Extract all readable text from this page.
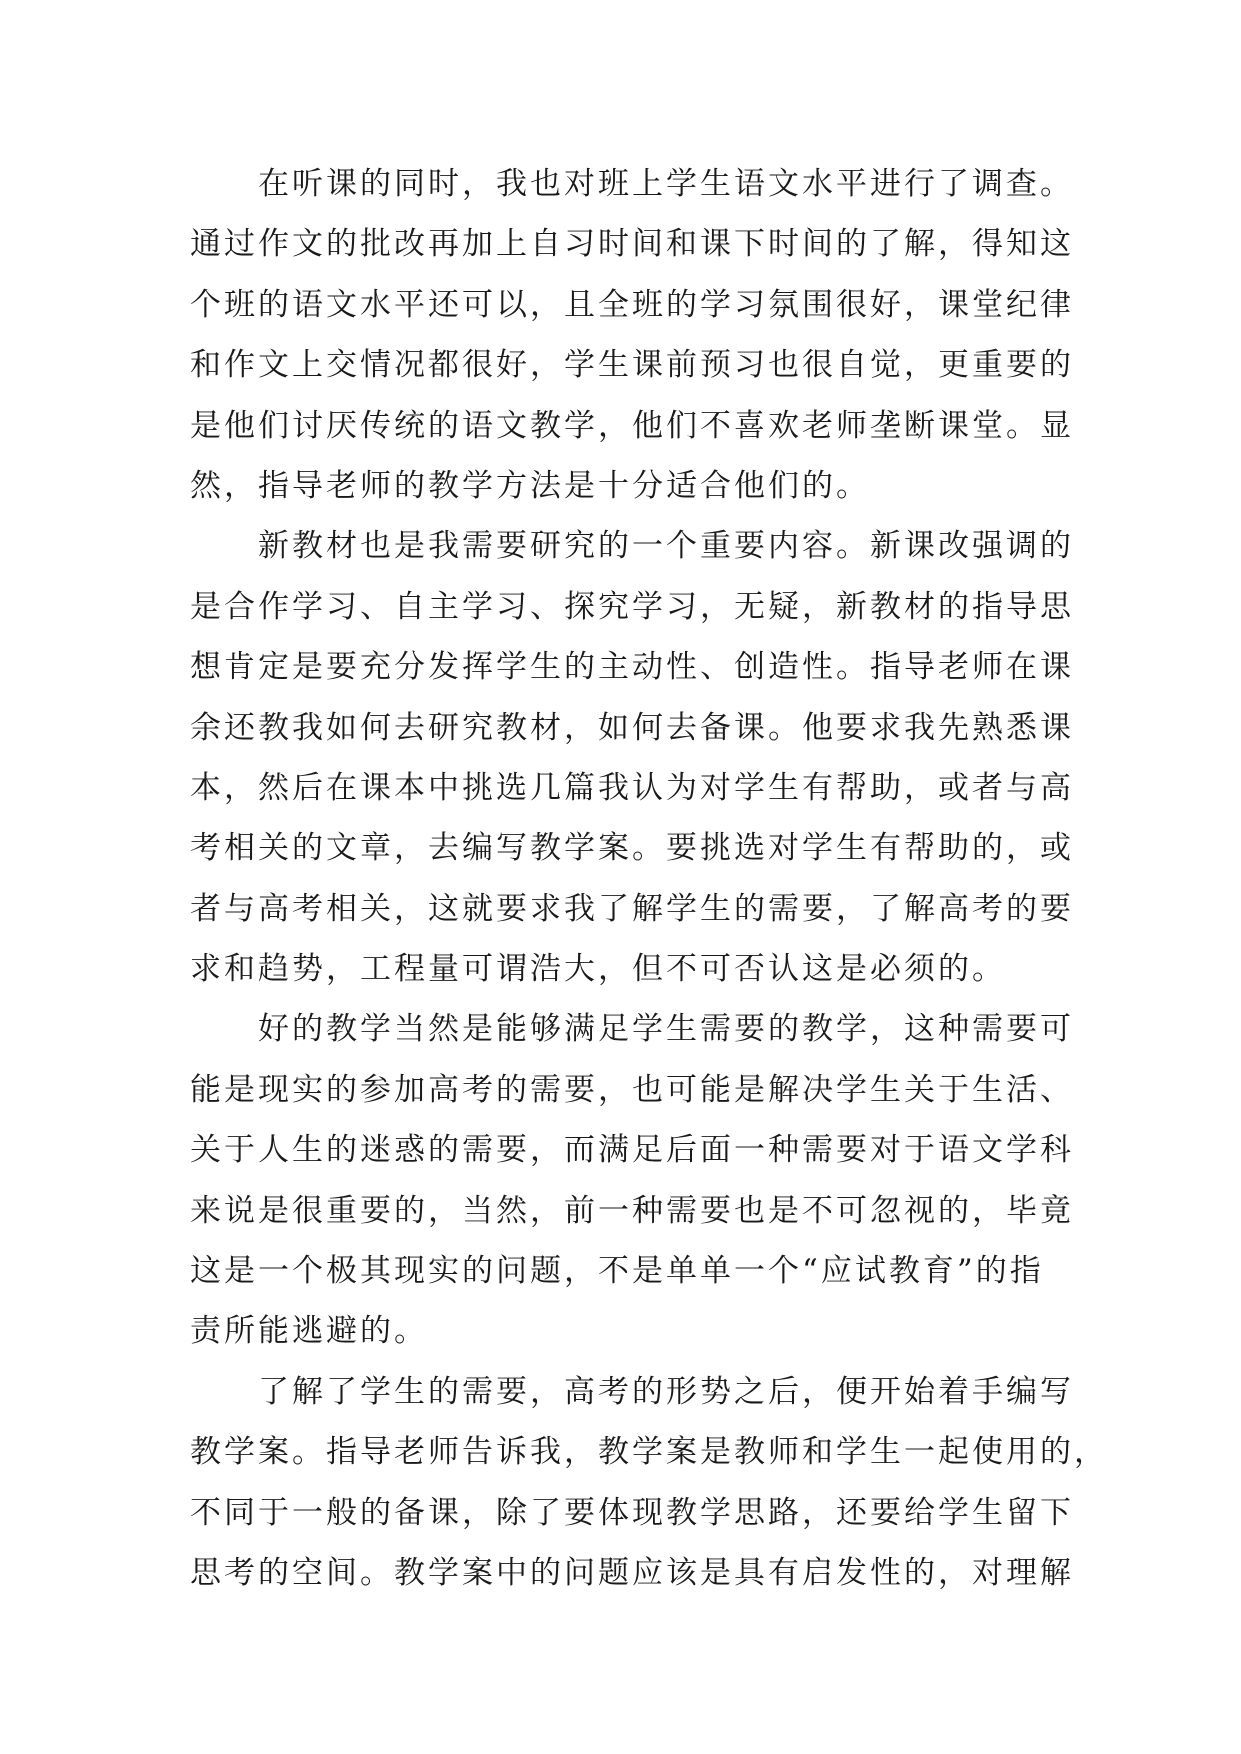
在听课的同时，我也对班上学生语文水平进行了调查。
通过作文的批改再加上自习时间和课下时间的了解，得知这
个班的语文水平还可以，且全班的学习氛围很好，课堂纪律
和作文上交情况都很好，学生课前预习也很自觉，更重要的
是他们讨厌传统的语文教学，他们不喜欢老师垄断课堂。显
然，指导老师的教学方法是十分适合他们的。
新教材也是我需要研究的一个重要内容。新课改强调的
是合作学习、自主学习、探究学习，无疑，新教材的指导思
想肯定是要充分发挥学生的主动性、创造性。指导老师在课
余还教我如何去研究教材，如何去备课。他要求我先熟悉课
本，然后在课本中挑选几篇我认为对学生有帮助，或者与高
考相关的文章，去编写教学案。要挑选对学生有帮助的，或
者与高考相关，这就要求我了解学生的需要，了解高考的要
求和趋势，工程量可谓浩大，但不可否认这是必须的。
好的教学当然是能够满足学生需要的教学，这种需要可
能是现实的参加高考的需要，也可能是解决学生关于生活、
关于人生的迷惑的需要，而满足后面一种需要对于语文学科
来说是很重要的，当然，前一种需要也是不可忽视的，毕竟
这是一个极其现实的问题，不是单单一个“应试教育”的指
责所能逃避的。
了解了学生的需要，高考的形势之后，便开始着手编写
教学案。指导老师告诉我，教学案是教师和学生一起使用的，
不同于一般的备课，除了要体现教学思路，还要给学生留下
思考的空间。教学案中的问题应该是具有启发性的，对理解
